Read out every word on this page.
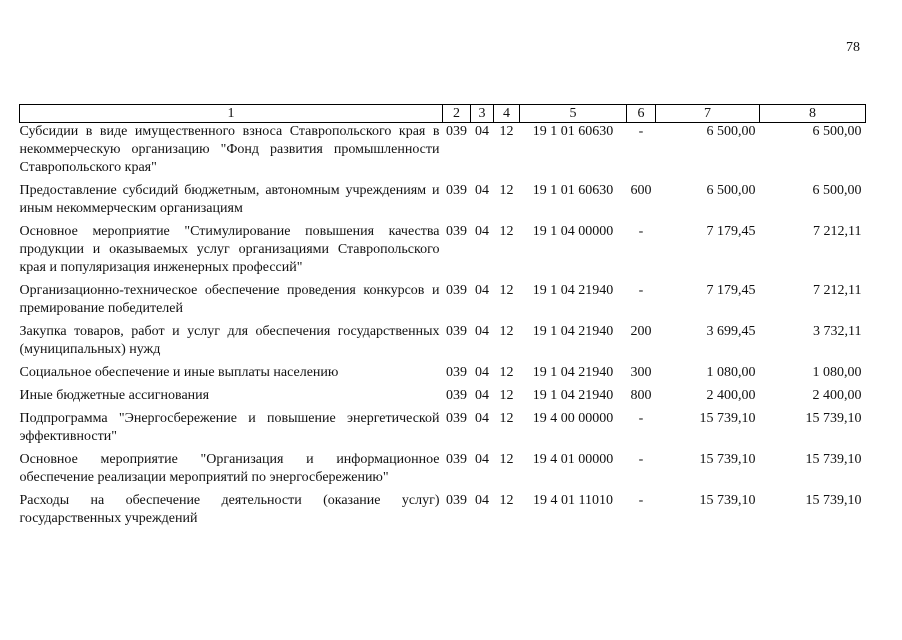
78
1	2	3	4	5	6	7	8
Субсидии в виде имущественного взноса Ставропольского края в некоммерческую организацию "Фонд развития промышленности Ставропольского края"	039	04	12	19 1 01 60630	-	6 500,00	6 500,00
Предоставление субсидий бюджетным, автономным учреждениям и иным некоммерческим организациям	039	04	12	19 1 01 60630	600	6 500,00	6 500,00
Основное мероприятие "Стимулирование повышения качества продукции и оказываемых услуг организациями Ставропольского края и популяризация инженерных профессий"	039	04	12	19 1 04 00000	-	7 179,45	7 212,11
Организационно-техническое обеспечение проведения конкурсов и премирование победителей	039	04	12	19 1 04 21940	-	7 179,45	7 212,11
Закупка товаров, работ и услуг для обеспечения государственных (муниципальных) нужд	039	04	12	19 1 04 21940	200	3 699,45	3 732,11
Социальное обеспечение и иные выплаты населению	039	04	12	19 1 04 21940	300	1 080,00	1 080,00
Иные бюджетные ассигнования	039	04	12	19 1 04 21940	800	2 400,00	2 400,00
Подпрограмма "Энергосбережение и повышение энергетической эффективности"	039	04	12	19 4 00 00000	-	15 739,10	15 739,10
Основное мероприятие "Организация и информационное обеспечение реализации мероприятий по энергосбережению"	039	04	12	19 4 01 00000	-	15 739,10	15 739,10
Расходы на обеспечение деятельности (оказание услуг) государственных учреждений	039	04	12	19 4 01 11010	-	15 739,10	15 739,10
